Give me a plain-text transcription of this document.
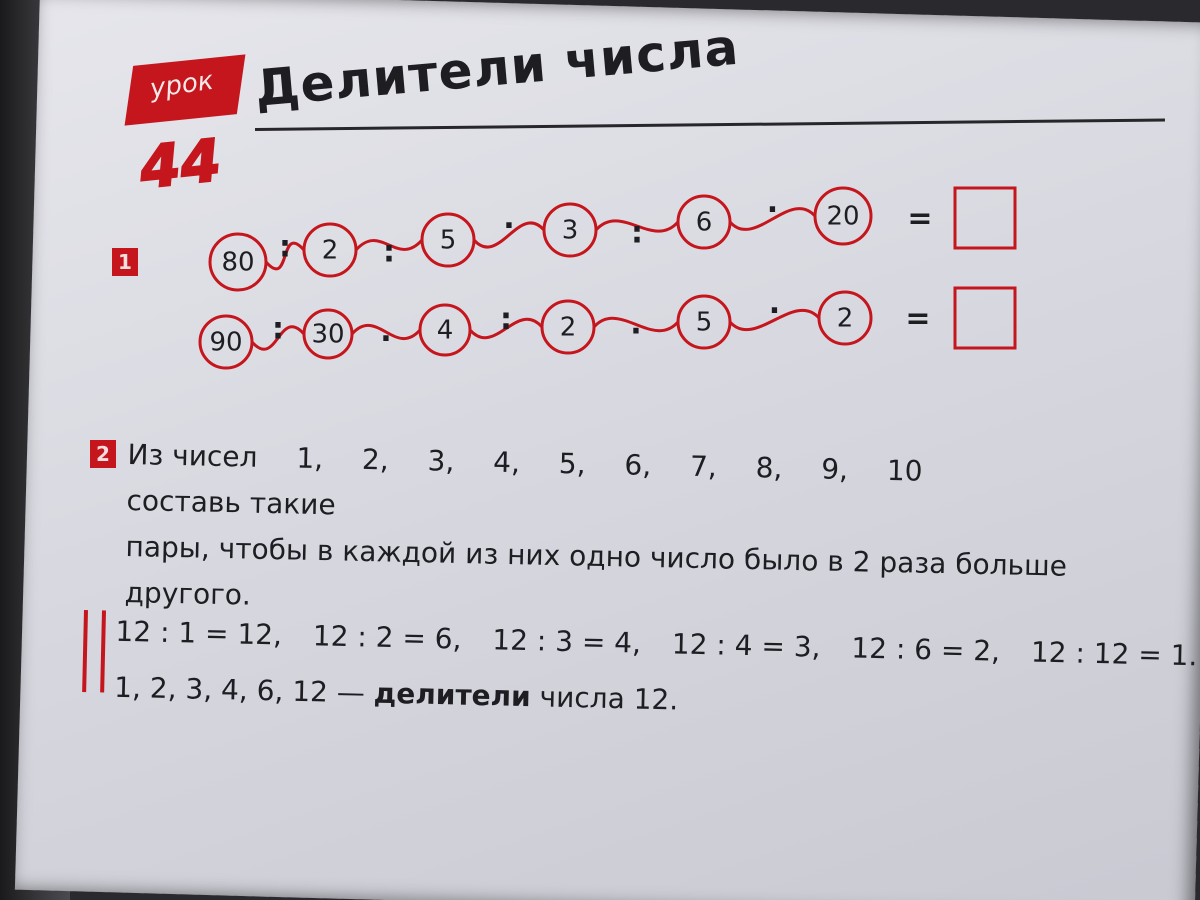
урок
44
Делители числа
1	:	:
·	:
·
80	2	5	3	6	20 =
:	·
:	·
·
90	30	4	2	5	2 =
2 Из чисел 1, 2, 3, 4, 5, 6, 7, 8, 9, 10 составь такие
пары, чтобы в каждой из них одно число было в 2 раза больше
другого.
12 : 1 = 12, 12 : 2 = 6, 12 : 3 = 4, 12 : 4 = 3, 12 : 6 = 2, 12 : 12 = 1.
1, 2, 3, 4, 6, 12 — делители числа 12.
